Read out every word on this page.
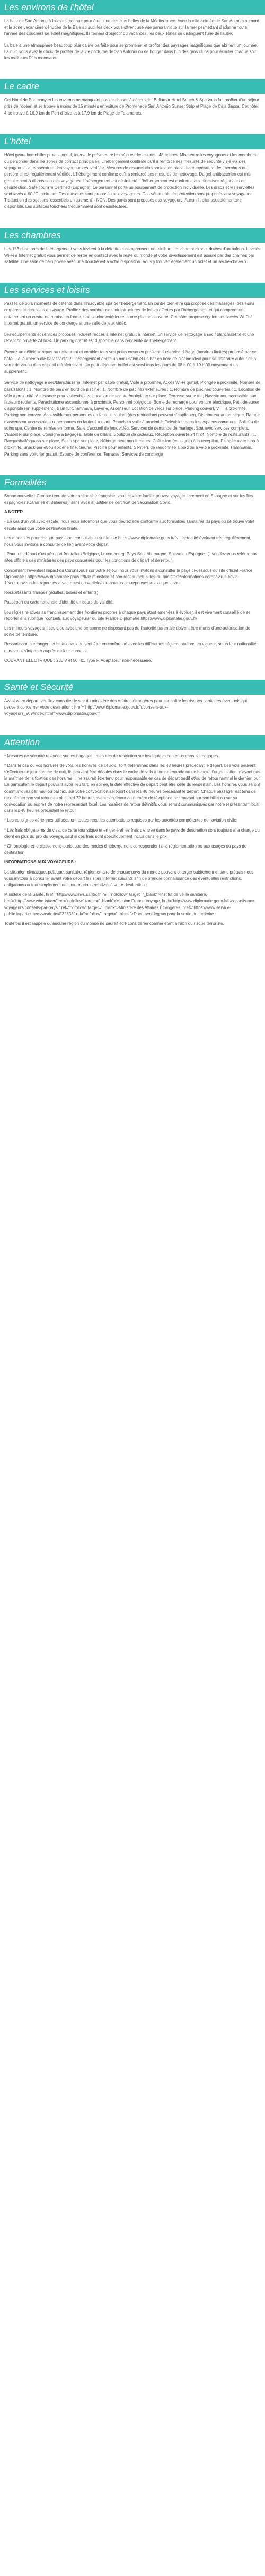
Les environs de l'hôtel

La baie de San Antonio à Ibiza est connue pour être l'une des plus belles de la Méditerranée. Avec la ville animée de San Antonio au nord et la zone vacancière dénudée de la Baie au sud, les deux vous offrent une vue panoramique sur la mer permettant d'admirer toute l'année des couchers de soleil magnifiques. Ils termes d'objectif du vacances, les deux zones se distinguent l'une de l'autre.

La baie a une atmosphère beaucoup plus calme parfaite pour se promener et profiter des paysages magnifiques que abritent un journée. La nuit, vous avez le choix de profiter de la vie nocturne de San Antonio ou de bouger dans l'un des gros clubs pour écouter chaque soir les meilleurs DJ's mondiaux.

Le cadre

Cet Hotel de Portmany et les environs ne manquent pas de choses à découvrir : Bellamar Hotel Beach & Spa vous fait profiter d'un séjour près de l'océan et se trouve à moins de 15 minutes en voiture de Promenade San Antonio Sunset Strip et Plage de Cala Bassa. Cet hôtel 4 se trouve à 16,9 km de Port d'Ibiza et à 17,9 km de Plage de Talamanca.

L'hôtel

Hôtel géant immobilier professionnel, intervalle prévu entre les séjours des clients : 48 heures. Mise entre les voyageurs et les membres du personnel dans les zones de contact principales. L'hébergement confirme qu'il a renforcé ses mesures de sécurité vis-à-vis des voyageurs. La température des voyageurs est vérifiée. Mesures de distanciation sociale en place. La température des membres du personnel est régulièrement vérifiée. L'hébergement confirme qu'il a renforcé ses mesures de nettoyage. Du gel antibactérien est mis gratuitement à disposition des voyageurs. L'hébergement est désinfecté. L'hébergement est conforme aux directives régionales de désinfection. Safe Tourism Certified (Espagne). Le personnel porte un équipement de protection individuelle. Les draps et les serviettes sont lavés à 60 °C minimum. Des masques sont proposés aux voyageurs. Des vêtements de protection sont proposés aux voyageurs. Traduction des sections 'essentiels uniquement' - NON. Des gants sont proposés aux voyageurs. Aucun lit pliant/supplémentaire disponible. Les surfaces touchées fréquemment sont désinfectées.

Les chambres

Les 153 chambres de l'hébergement vous invitent à la détente et comprennent un minibar. Les chambres sont dotées d'un balcon. L'accès Wi-Fi à Internet gratuit vous permet de rester en contact avec le reste du monde et votre divertissement est assuré par des chaînes par satellite. Une salle de bain privée avec une douche est à votre disposition. Vous y trouvez également un bidet et un sèche-cheveux.

Les services et loisirs

Passez de purs moments de détente dans l'incroyable spa de l'hébergement, un centre bien-être qui propose des massages, des soins corporels et des soins du visage. Profitez des nombreuses infrastructures de loisirs offertes par l'hébergement et qui comprennent notamment un centre de remise en forme, une piscine extérieure et une piscine couverte. Cet hôtel propose également l'accès Wi-Fi à Internet gratuit, un service de concierge et une salle de jeux vidéo.

Les équipements et services proposés incluent l'accès à Internet gratuit à Internet, un service de nettoyage à sec / blanchisserie et une réception ouverte 24 h/24. Un parking gratuit est disponible dans l'enceinte de l'hébergement.

Prenez un délicieux repas au restaurant et combler tous vos petits creux en profitant du service d'étage (horaires limités) proposé par cet hôtel. La journée a été harassante ? L'hébergement abrite un bar / salon et un bar en bord de piscine idéal pour se détendre autour d'un verre de vin ou d'un cocktail rafraîchissant. Un petit-déjeuner buffet est servi tous les jours de 08 h 00 à 10 h 00 moyennant un supplément.

Service de nettoyage à sec/blanchisserie, Internet par câble gratuit, Voile à proximité, Accès Wi-Fi gratuit, Plongée à proximité, Nombre de bars/salons : 1, Nombre de bars en bord de piscine : 1, Nombre de piscines extérieures : 1, Nombre de piscines couvertes : 1, Location de vélo à proximité, Assistance pour visites/billets, Location de scooter/mobylette sur place, Terrasse sur le toit, Navette non accessible aux fauteuils roulants, Parachutisme ascensionnel à proximité, Personnel polyglotte, Borne de recharge pour voiture électrique, Petit-déjeuner disponible (en supplément), Bain turc/hammam, Laverie, Ascenseur, Location de vélos sur place, Parking couvert, VTT à proximité, Parking non couvert, Accessible aux personnes en fauteuil roulant (des restrictions peuvent s'appliquer), Distributeur automatique, Rampe d'ascenseur accessible aux personnes en fauteuil roulant, Planche à voile à proximité, Télévision dans les espaces communs, Salle(s) de soins spa, Centre de remise en forme, Salle d'accueil de jeux vidéo, Services de demande de mariage, Spa avec services complets, Vaisselier sur place, Consigne à bagages, Table de billard, Boutique de cadeaux, Réception ouverte 24 h/24, Nombre de restaurants : 1, Racquetball/squash sur place, Soins spa sur place, Hébergement non-fumeurs, Coffre-fort (consigne) à la réception, Plongée avec tuba à proximité, Snack-bar et/ou épicerie fine, Sauna, Piscine pour enfants, Sentiers de randonnée à pied ou à vélo à proximité, Hammams, Parking sans voiturier gratuit, Espace de conférence, Terrasse, Services de concierge

Formalités

Bonne nouvelle : Compte tenu de votre nationalité française, vous et votre famille pouvez voyager librement en Espagne et sur les îles espagnoles (Canaries et Baléares), sans avoir à justifier de certificat de vaccination Covid.

A NOTER

- En cas d'un vol avec escale, nous vous informons que vous devrez être conforme aux formalités sanitaires du pays où se trouve votre escale ainsi que votre destination finale.

Les modalités pour chaque pays sont consultables sur le site https://www.diplomatie.gouv.fr/fr/ L'actualité évoluant très régulièrement, nous vous invitons à consulter ce lien avant votre départ.

- Pour tout départ d'un aéroport frontalier (Belgique, Luxembourg, Pays-Bas, Allemagne, Suisse ou Espagne...), veuillez vous référer aux sites officiels des ministères des pays concernés pour les conditions de départ et de retour.

Concernant l'éventuel impact du Coronavirus sur votre séjour, nous vous invitons à consulter la page ci-dessous du site officiel France Diplomatie : https://www.diplomatie.gouv.fr/fr/le-ministere-et-son-reseau/actualites-du-ministere/informations-coronavirus-covid-19/coronavirus-les-reponses-a-vos-questions/article/coronavirus-les-reponses-a-vos-questions

Ressortissants français (adultes, bébés et enfants) :

Passeport ou carte nationale d'identité en cours de validité.

Les règles relatives au franchissement des frontières propres à chaque pays étant amenées à évoluer, il est vivement conseillé de se reporter à la rubrique "conseils aux voyageurs" du site France Diplomatie.https://www.diplomatie.gouv.fr/

Les mineurs voyageant seuls ou avec une personne ne disposant pas de l'autorité parentale doivent être munis d'une autorisation de sortie de territoire.

Ressortissants étrangers et binationaux doivent être en conformité avec les différentes réglementations en vigueur, selon leur nationalité et devront s'informer auprès de leur consulat.

COURANT ELECTRIQUE : 230 V et 50 Hz. Type F. Adaptateur non-nécessaire.

Santé et Sécurité

Avant votre départ, veuillez consulter le site du ministère des Affaires étrangères pour connaître les risques sanitaires éventuels qui peuvent concerner votre destination : href="http://www.diplomatie.gouv.fr/fr/conseils-aux-voyageurs_909/index.html">www.diplomatie.gouv.fr

Attention

* Mesures de sécurité relevées sur les bagages : mesures de restriction sur les liquides contenus dans les bagages.

* Dans le cas où vos horaires de vols, les horaires de ceux-ci sont déterminés dans les 48 heures précédant le départ. Les vols peuvent s'effectuer de jour comme de nuit, ils peuvent être décalés dans le cadre de vols à forte demande ou de besoin d'organisation, n'ayant pas la maîtrise de la fixation des horaires, il ne saurait être tenu pour responsable en cas de départ tardif et/ou de retour matinal le dernier jour. En particulier, le départ pouvant avoir lieu tard en soirée, la date effective de départ peut être celle du lendemain. Les horaires vous seront communiqués par mail ou par fax, sur votre convocation aéroport dans les 48 heures précédant le départ. Chaque passager est tenu de reconfirmer son vol retour au plus tard 72 heures avant son retour au numéro de téléphone se trouvant sur son billet ou sur sa convocation ou auprès de notre représentant local. Les horaires de retour définitifs vous seront communiqués par notre représentant local dans les 48 heures précédant le retour.

* Les consignes aériennes utilisées ont toutes reçu les autorisations requises par les autorités compétentes de l'aviation civile.

* Les frais obligatoires de visa, de carte touristique et en général les frais d'entrée dans le pays de destination sont toujours à la charge du client en plus du prix du voyage, sauf si ces frais sont spécifiquement inclus dans le prix.

* Chronologie et le classement touristique des modes d'hébergement correspondent à la réglementation ou aux usages du pays de destination.

INFORMATIONS AUX VOYAGEURS :

La situation climatique, politique, sanitaire, réglementaire de chaque pays du monde pouvant changer subitement et sans préavis nous vous invitons à consulter avant votre départ les sites Internet suivants afin de prendre connaissance des éventuelles restrictions, obligations ou tout simplement des informations relatives à votre destination :

Ministère de la Santé, href="http://www.invs.sante.fr" rel="nofollow" target="_blank">Institut de veille sanitaire, href="http://www.who.int/en/" rel="nofollow" target="_blank">Mission France Voyage, href="http://www.diplomatie.gouv.fr/fr/conseils-aux-voyageurs/conseils-par-pays/" rel="nofollow" target="_blank">Ministère des Affaires Étrangères, href="https://www.service-public.fr/particuliers/vosdroits/F32833" rel="nofollow" target="_blank">Document légaux pour la sortie du territoire.

Toutefois il est rappelé qu'aucune région du monde ne saurait être considérée comme étant à l'abri du risque terroriste.
